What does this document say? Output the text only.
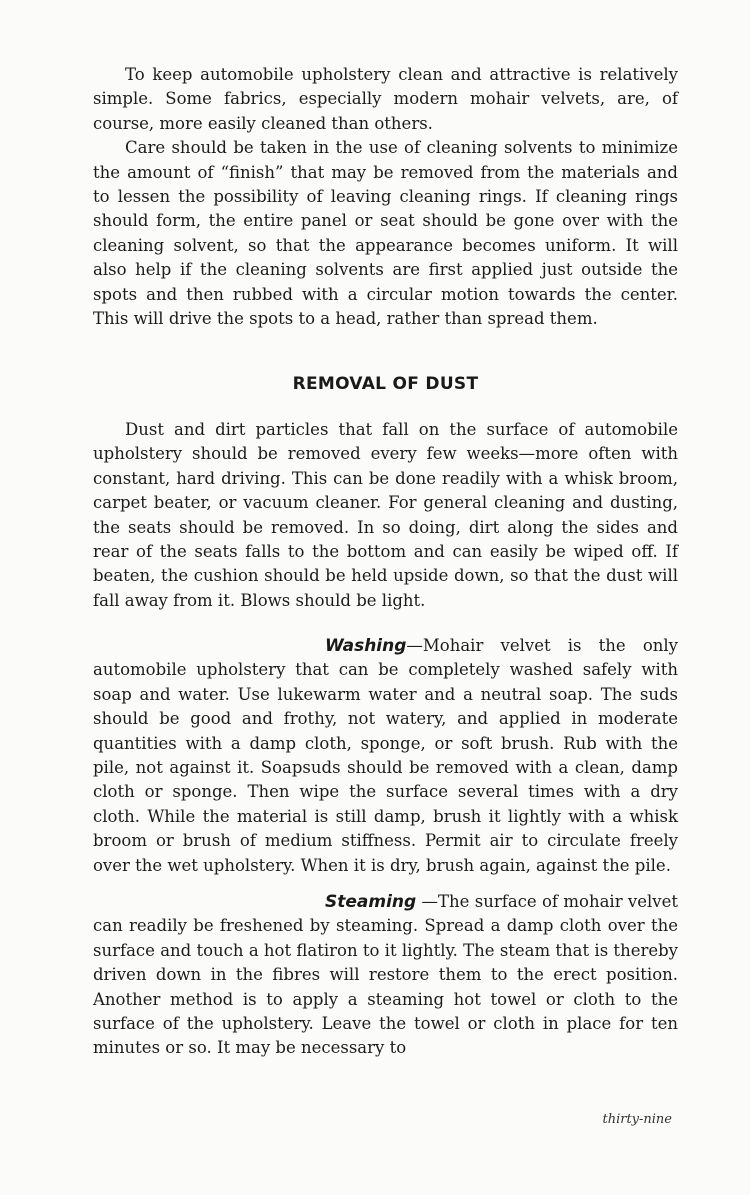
To keep automobile upholstery clean and attractive is relatively simple. Some fabrics, especially modern mohair velvets, are, of course, more easily cleaned than others.

Care should be taken in the use of cleaning solvents to minimize the amount of “finish” that may be removed from the materials and to lessen the possibility of leaving cleaning rings. If cleaning rings should form, the entire panel or seat should be gone over with the cleaning solvent, so that the appearance becomes uniform. It will also help if the cleaning solvents are first applied just outside the spots and then rubbed with a circular motion towards the center. This will drive the spots to a head, rather than spread them.

REMOVAL OF DUST

Dust and dirt particles that fall on the surface of automobile upholstery should be removed every few weeks—more often with constant, hard driving. This can be done readily with a whisk broom, carpet beater, or vacuum cleaner. For general cleaning and dusting, the seats should be removed. In so doing, dirt along the sides and rear of the seats falls to the bottom and can easily be wiped off. If beaten, the cushion should be held upside down, so that the dust will fall away from it. Blows should be light.

Washing—Mohair velvet is the only automobile upholstery that can be completely washed safely with soap and water. Use lukewarm water and a neutral soap. The suds should be good and frothy, not watery, and applied in moderate quantities with a damp cloth, sponge, or soft brush. Rub with the pile, not against it. Soapsuds should be removed with a clean, damp cloth or sponge. Then wipe the surface several times with a dry cloth. While the material is still damp, brush it lightly with a whisk broom or brush of medium stiffness. Permit air to circulate freely over the wet upholstery. When it is dry, brush again, against the pile.

Steaming —The surface of mohair velvet can readily be freshened by steaming. Spread a damp cloth over the surface and touch a hot flatiron to it lightly. The steam that is thereby driven down in the fibres will restore them to the erect position. Another method is to apply a steaming hot towel or cloth to the surface of the upholstery. Leave the towel or cloth in place for ten minutes or so. It may be necessary to

thirty-nine
